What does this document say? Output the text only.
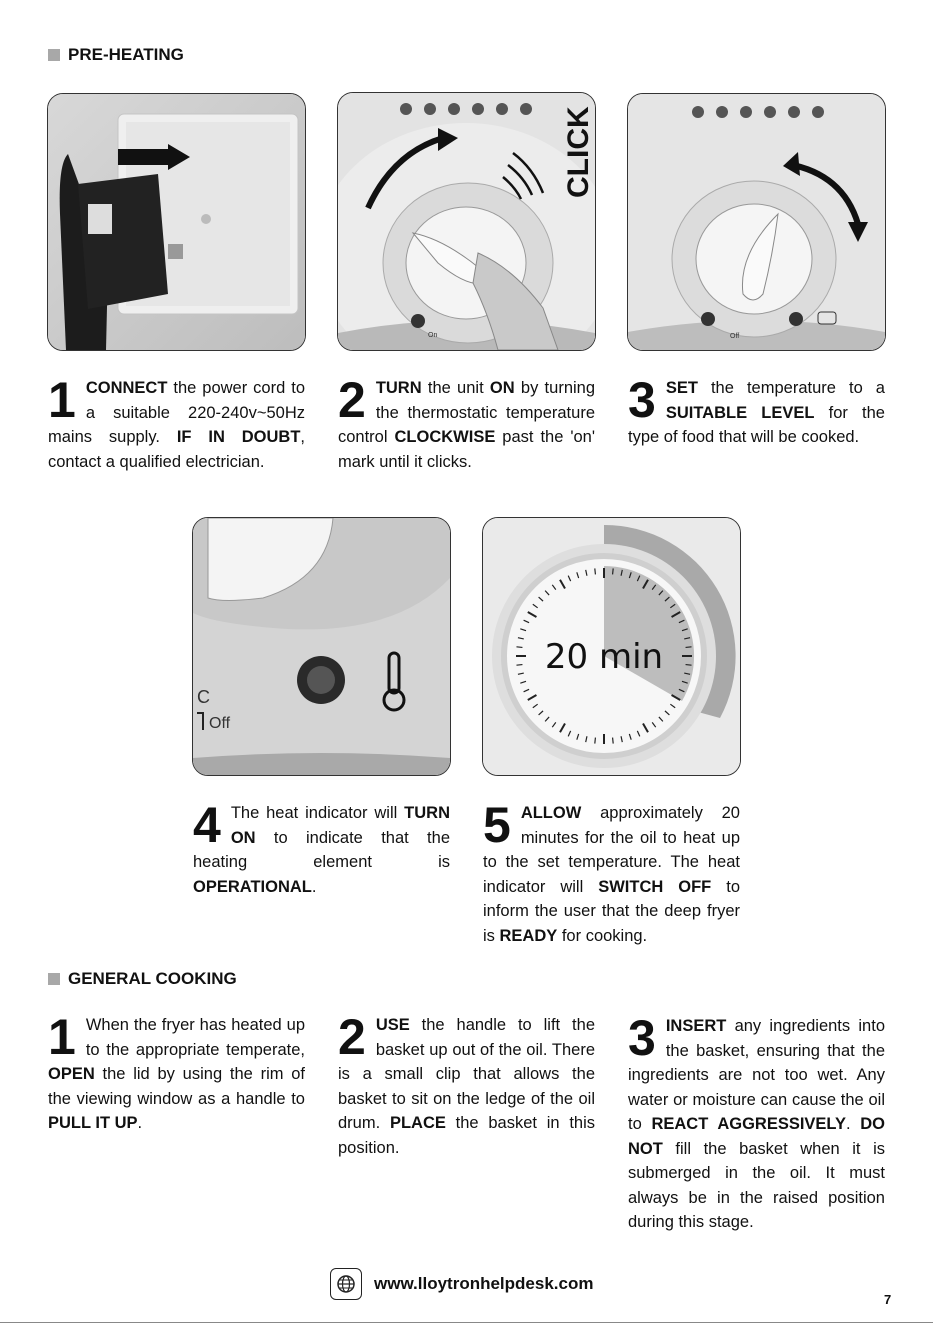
PRE-HEATING
GENERAL COOKING
CLICK
On	Off
C
Off
20 min
1 CONNECT the power cord to a suitable 220-240v~50Hz mains supply. IF IN DOUBT, contact a qualified electrician.
2 TURN the unit ON by turning the thermostatic temperature control CLOCKWISE past the 'on' mark until it clicks.
3 SET the temperature to a SUITABLE LEVEL for the type of food that will be cooked.
4 The heat indicator will TURN ON to indicate that the heating element is OPERATIONAL.
5 ALLOW approximately 20 minutes for the oil to heat up to the set temperature. The heat indicator will SWITCH OFF to inform the user that the deep fryer is READY for cooking.
1 When the fryer has heated up to the appropriate temperate, OPEN the lid by using the rim of the viewing window as a handle to PULL IT UP.
2 USE the handle to lift the basket up out of the oil. There is a small clip that allows the basket to sit on the ledge of the oil drum. PLACE the basket in this position.
3 INSERT any ingredients into the basket, ensuring that the ingredients are not too wet. Any water or moisture can cause the oil to REACT AGGRESSIVELY. DO NOT fill the basket when it is submerged in the oil. It must always be in the raised position during this stage.
www.lloytronhelpdesk.com
7
